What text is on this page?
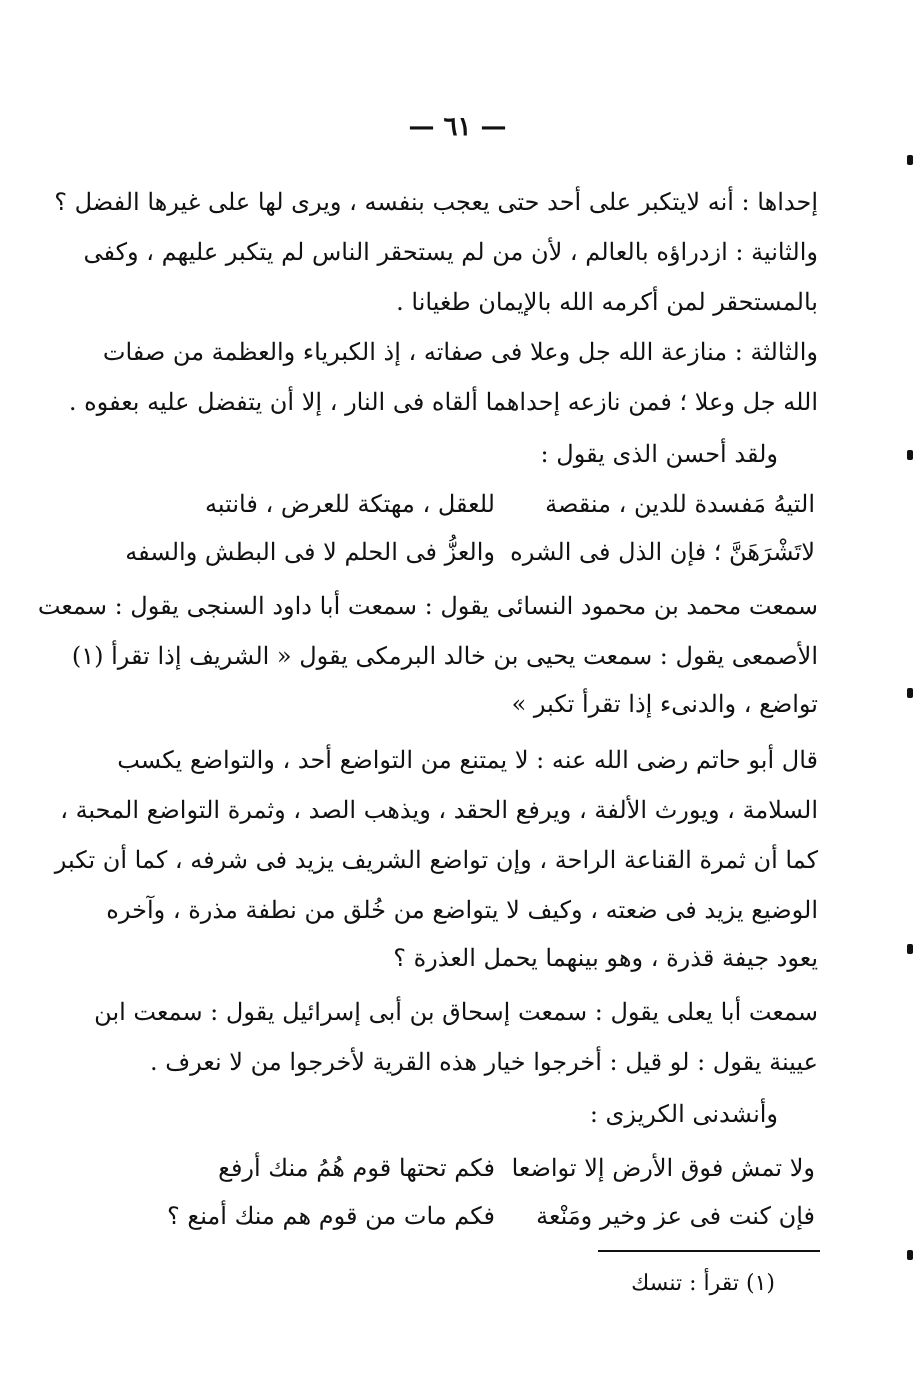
— ٦١ —
إحداها : أنه لايتكبر على أحد حتى يعجب بنفسه ، ويرى لها على غيرها الفضل ؟
والثانية : ازدراؤه بالعالم ، لأن من لم يستحقر الناس لم يتكبر عليهم ، وكفى
بالمستحقر لمن أكرمه الله بالإيمان طغيانا .
والثالثة : منازعة الله جل وعلا فى صفاته ، إذ الكبرياء والعظمة من صفات
الله جل وعلا ؛ فمن نازعه إحداهما ألقاه فى النار ، إلا أن يتفضل عليه بعفوه .
ولقد أحسن الذى يقول :
التيهُ مَفسدة للدين ، منقصة
للعقل ، مهتكة للعرض ، فانتبه
لاتَشْرَهَنَّ ؛ فإن الذل فى الشره
والعزُّ فى الحلم لا فى البطش والسفه
سمعت محمد بن محمود النسائى يقول : سمعت أبا داود السنجى يقول : سمعت
الأصمعى يقول : سمعت يحيى بن خالد البرمكى يقول « الشريف إذا تقرأ (١)
تواضع ، والدنىء إذا تقرأ تكبر »
قال أبو حاتم رضى الله عنه : لا يمتنع من التواضع أحد ، والتواضع يكسب
السلامة ، ويورث الألفة ، ويرفع الحقد ، ويذهب الصد ، وثمرة التواضع المحبة ،
كما أن ثمرة القناعة الراحة ، وإن تواضع الشريف يزيد فى شرفه ، كما أن تكبر
الوضيع يزيد فى ضعته ، وكيف لا يتواضع من خُلق من نطفة مذرة ، وآخره
يعود جيفة قذرة ، وهو بينهما يحمل العذرة ؟
سمعت أبا يعلى يقول : سمعت إسحاق بن أبى إسرائيل يقول : سمعت ابن
عيينة يقول : لو قيل : أخرجوا خيار هذه القرية لأخرجوا من لا نعرف .
وأنشدنى الكريزى :
ولا تمش فوق الأرض إلا تواضعا
فكم تحتها قوم هُمُ منك أرفع
فإن كنت فى عز وخير ومَنْعة
فكم مات من قوم هم منك أمنع ؟
(١) تقرأ : تنسك
